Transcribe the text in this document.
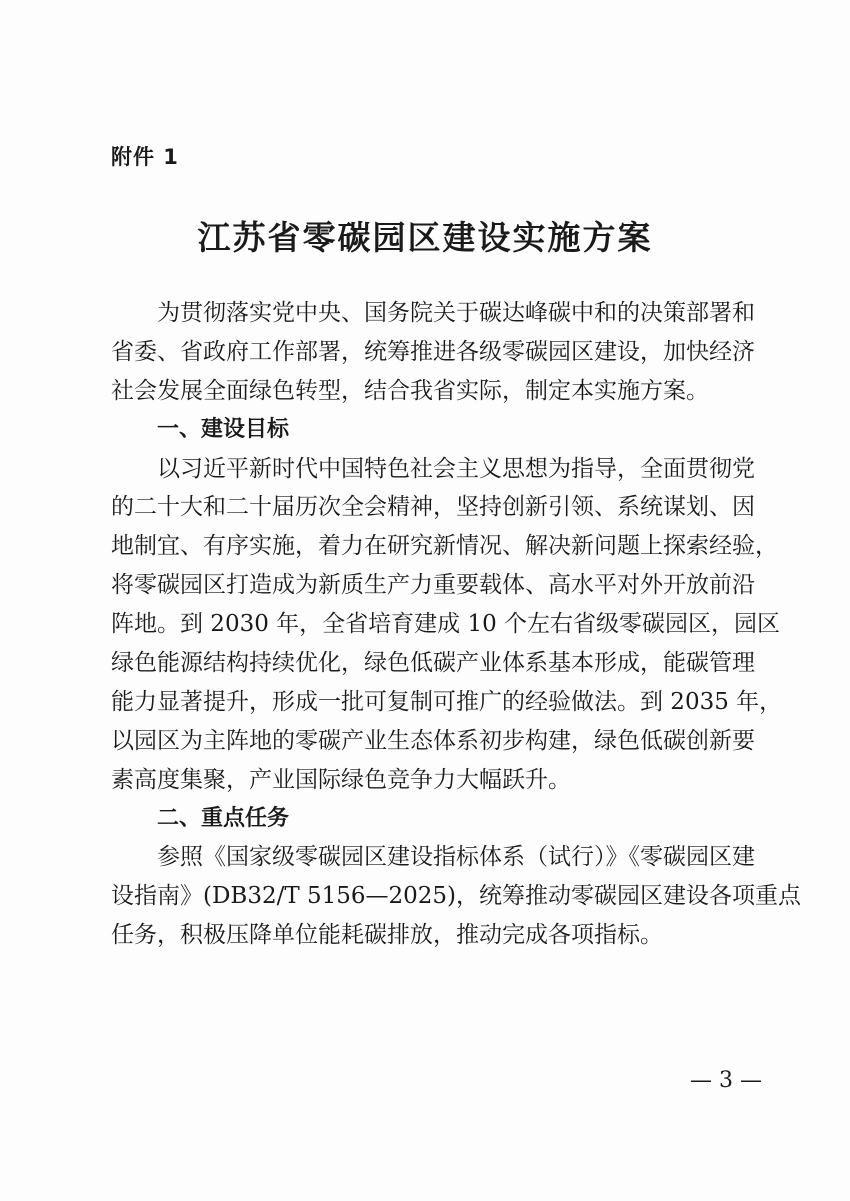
附件 1

江苏省零碳园区建设实施方案

为贯彻落实党中央、国务院关于碳达峰碳中和的决策部署和

省委、省政府工作部署，统筹推进各级零碳园区建设，加快经济

社会发展全面绿色转型，结合我省实际，制定本实施方案。

一、建设目标

以习近平新时代中国特色社会主义思想为指导，全面贯彻党

的二十大和二十届历次全会精神，坚持创新引领、系统谋划、因

地制宜、有序实施，着力在研究新情况、解决新问题上探索经验，

将零碳园区打造成为新质生产力重要载体、高水平对外开放前沿

阵地。到 2030 年，全省培育建成 10 个左右省级零碳园区，园区

绿色能源结构持续优化，绿色低碳产业体系基本形成，能碳管理

能力显著提升，形成一批可复制可推广的经验做法。到 2035 年，

以园区为主阵地的零碳产业生态体系初步构建，绿色低碳创新要

素高度集聚，产业国际绿色竞争力大幅跃升。

二、重点任务

参照《国家级零碳园区建设指标体系（试行）》《零碳园区建

设指南》(DB32/T 5156—2025)，统筹推动零碳园区建设各项重点

任务，积极压降单位能耗碳排放，推动完成各项指标。

— 3 —
